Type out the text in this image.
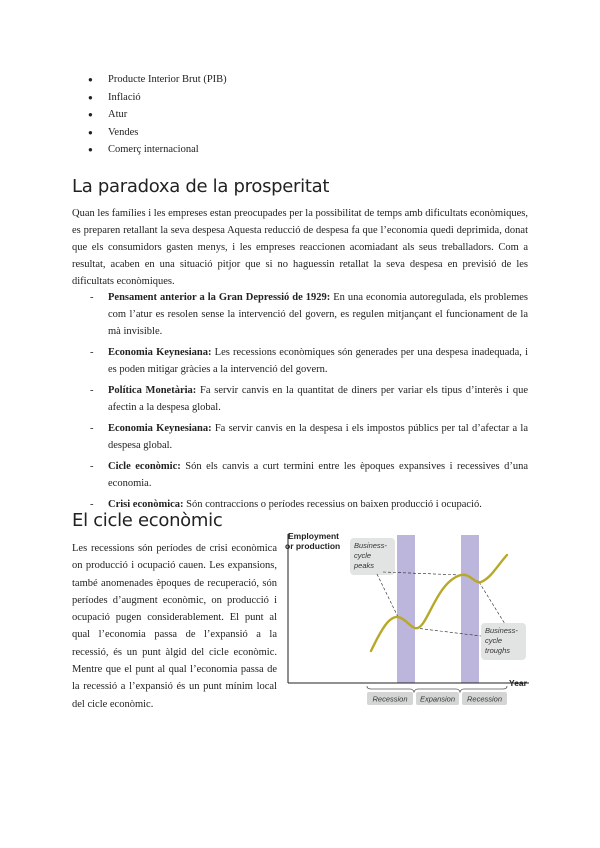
● Producte Interior Brut (PIB)
● Inflació
● Atur
● Vendes
● Comerç internacional
La paradoxa de la prosperitat

Quan les famílies i les empreses estan preocupades per la possibilitat de temps amb dificultats econòmiques, es preparen retallant la seva despesa Aquesta reducció de despesa fa que l’economia quedi deprimida, donat que els consumidors gasten menys, i les empreses reaccionen acomiadant als seus treballadors. Com a resultat, acaben en una situació pitjor que si no haguessin retallat la seva despesa en previsió de les dificultats econòmiques.

- Pensament anterior a la Gran Depressió de 1929: En una economia autoregulada, els problemes com l’atur es resolen sense la intervenció del govern, es regulen mitjançant el funcionament de la mà invisible.
- Economia Keynesiana: Les recessions econòmiques són generades per una despesa inadequada, i es poden mitigar gràcies a la intervenció del govern.
- Política Monetària: Fa servir canvis en la quantitat de diners per variar els tipus d’interès i que afectin a la despesa global.
- Economia Keynesiana: Fa servir canvis en la despesa i els impostos públics per tal d’afectar a la despesa global.
- Cicle econòmic: Són els canvis a curt termini entre les èpoques expansives i recessives d’una economia.
- Crisi econòmica: Són contraccions o períodes recessius on baixen producció i ocupació.
El cicle econòmic

Les recessions són períodes de crisi econòmica on producció i ocupació cauen. Les expansions, també anomenades èpoques de recuperació, són períodes d’augment econòmic, on producció i ocupació pugen considerablement. El punt al qual l’economia passa de l’expansió a la recessió, és un punt àlgid del cicle econòmic. Mentre que el punt al qual l’economia passa de la recessió a l’expansió és un punt mínim local del cicle econòmic.

Employment
or production
Year
Business-
cycle
peaks
Business-
cycle
troughs
Recession Expansion Recession
